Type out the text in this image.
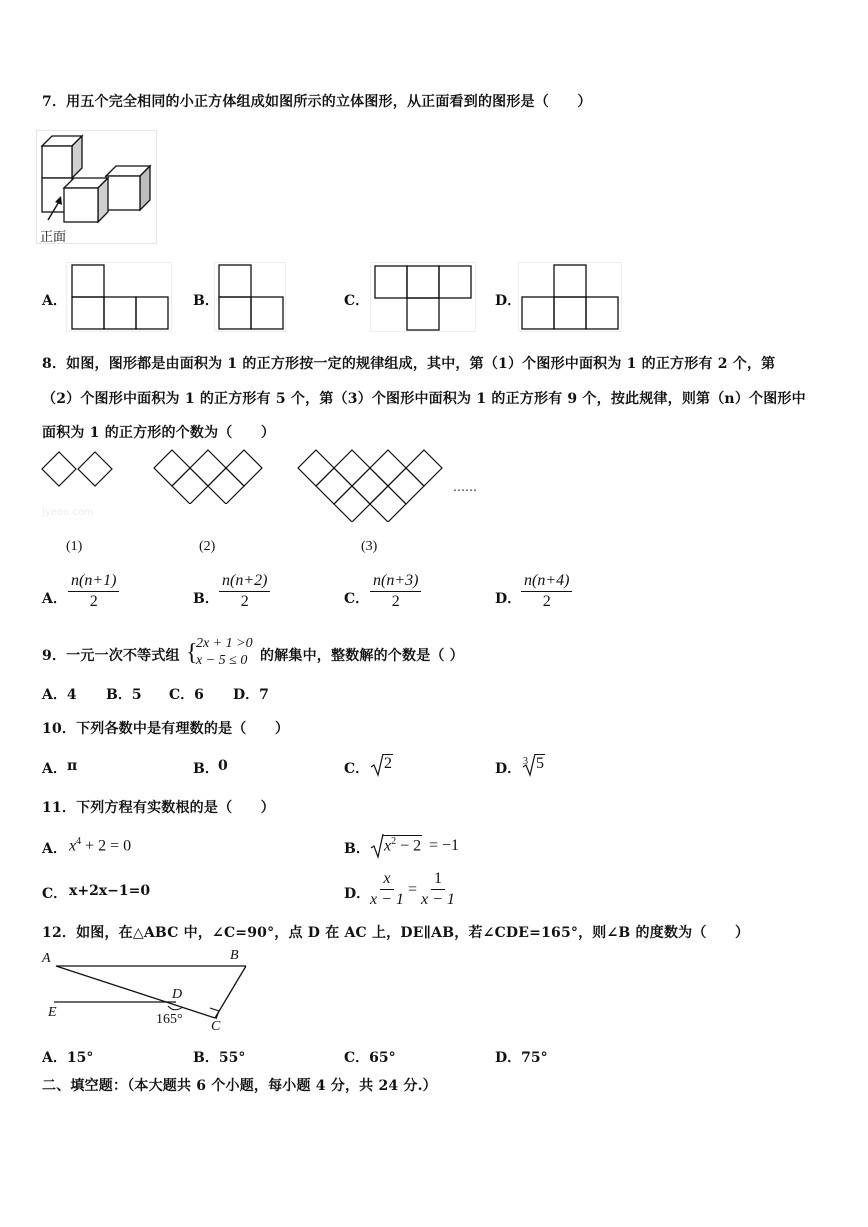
7．用五个完全相同的小正方体组成如图所示的立体图形，从正面看到的图形是（　　）
正面
A．	B．	C．	D．
8．如图，图形都是由面积为 1 的正方形按一定的规律组成，其中，第（1）个图形中面积为 1 的正方形有 2 个，第
（2）个图形中面积为 1 的正方形有 5 个，第（3）个图形中面积为 1 的正方形有 9 个，按此规律，则第（n）个图形中
面积为 1 的正方形的个数为（　　）
……
Jyeoo.com
(1)	(2)	(3)
A． $\frac{n(n+1)}{2}$	B． $\frac{n(n+2)}{2}$	C． $\frac{n(n+3)}{2}$	D． $\frac{n(n+4)}{2}$
9．一元一次不等式组 {
2x + 1 >0
x − 5 ≤ 0 的解集中，整数解的个数是（ ）
A．4 B．5 C．6 D．7
10．下列各数中是有理数的是（　　）
A． π	B． 0	C． 2	D． 3 5
11．下列方程有实数根的是（　　）
A． $x^4 + 2 = 0$	B． $x^2 - 2 = -1$
C． x+2x−1=0	D． $\frac{x}{x - 1} = \frac{1}{x - 1}$
12．如图，在△ABC 中，∠C=90°，点 D 在 AC 上，DE∥AB，若∠CDE=165°，则∠B 的度数为（　　）
A	B
C
D
E	165°
A．15°	B．55°	C．65°	D．75°
二、填空题：（本大题共 6 个小题，每小题 4 分，共 24 分.）
